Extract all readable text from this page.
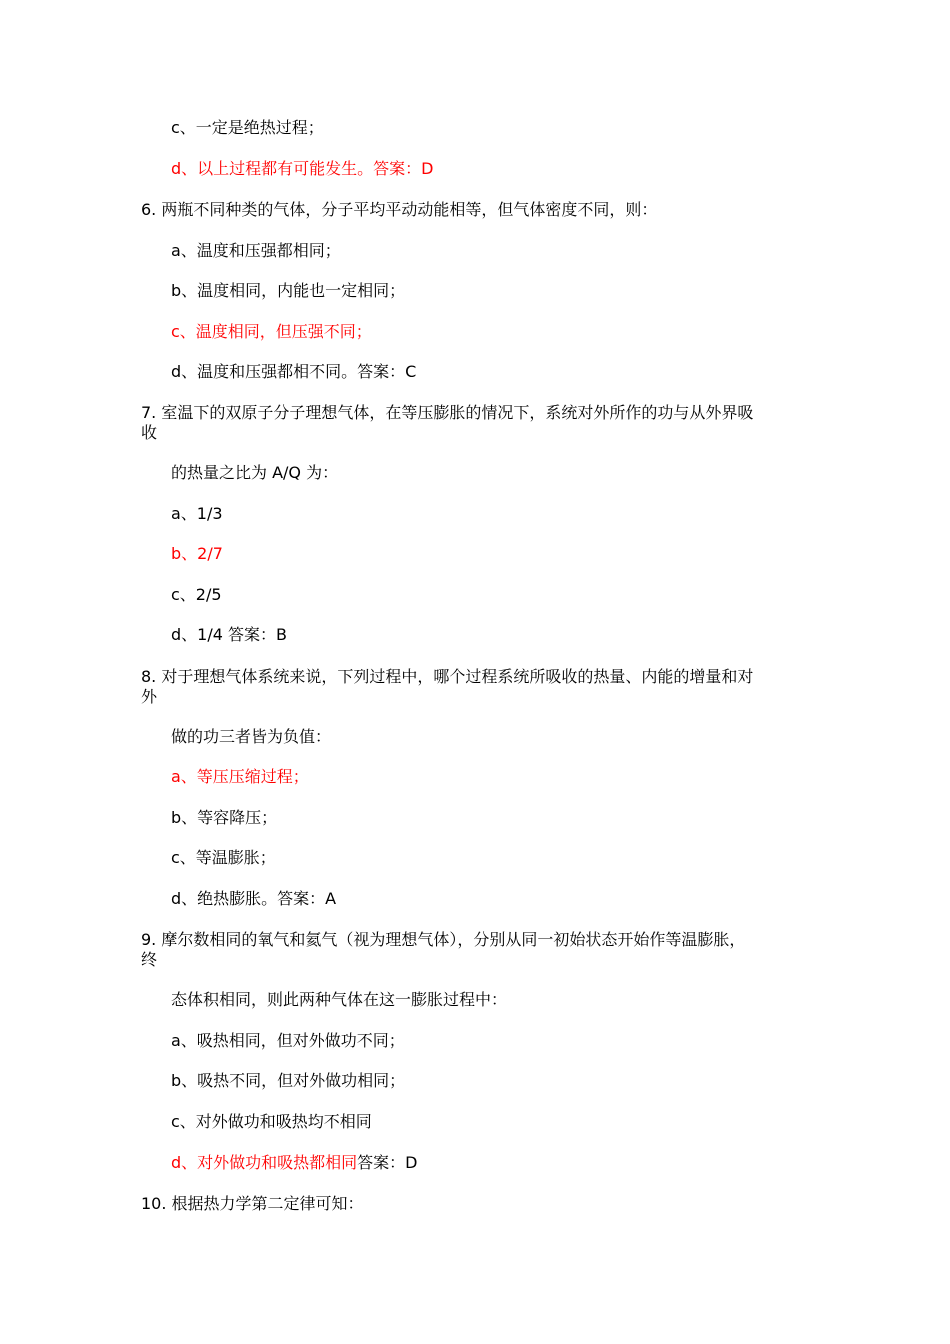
c、一定是绝热过程；
d、以上过程都有可能发生。答案：D
6. 两瓶不同种类的气体，分子平均平动动能相等，但气体密度不同，则：
a、温度和压强都相同；
b、温度相同，内能也一定相同；
c、温度相同，但压强不同；
d、温度和压强都相不同。答案：C
7. 室温下的双原子分子理想气体，在等压膨胀的情况下，系统对外所作的功与从外界吸
收
的热量之比为 A/Q 为：
a、1/3
b、2/7
c、2/5
d、1/4 答案：B
8. 对于理想气体系统来说，下列过程中，哪个过程系统所吸收的热量、内能的增量和对
外
做的功三者皆为负值：
a、等压压缩过程；
b、等容降压；
c、等温膨胀；
d、绝热膨胀。答案：A
9. 摩尔数相同的氧气和氦气（视为理想气体），分别从同一初始状态开始作等温膨胀，
终
态体积相同，则此两种气体在这一膨胀过程中：
a、吸热相同，但对外做功不同；
b、吸热不同，但对外做功相同；
c、对外做功和吸热均不相同
d、对外做功和吸热都相同答案：D
10. 根据热力学第二定律可知：
